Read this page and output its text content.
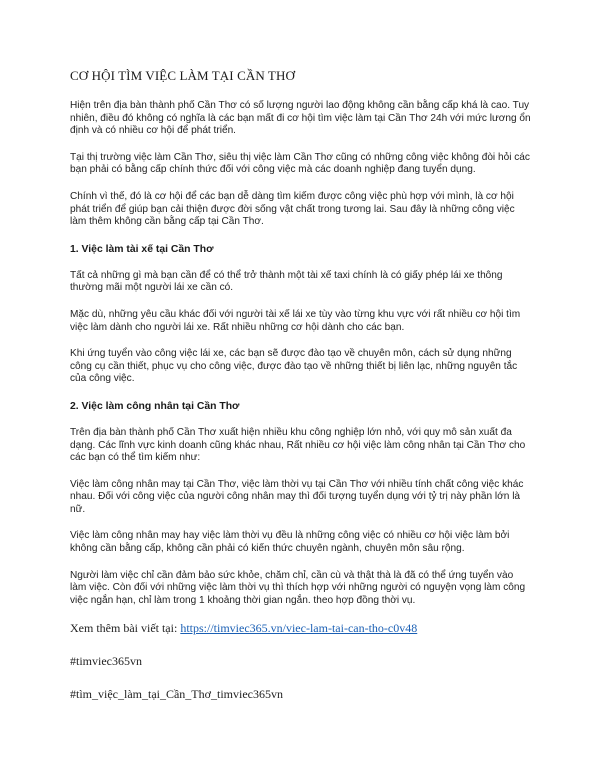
CƠ HỘI TÌM VIỆC LÀM TẠI CẦN THƠ

Hiện trên địa bàn thành phố Cần Thơ có số lượng người lao động không cần bằng cấp khá là cao. Tuy nhiên, điều đó không có nghĩa là các bạn mất đi cơ hội tìm việc làm tại Cần Thơ 24h với mức lương ổn định và có nhiều cơ hội để phát triển.

Tại thị trường việc làm Cần Thơ, siêu thị việc làm Cần Thơ cũng có những công việc không đòi hỏi các bạn phải có bằng cấp chính thức đối với công việc mà các doanh nghiệp đang tuyển dụng.

Chính vì thế, đó là cơ hội để các bạn dễ dàng tìm kiếm được công việc phù hợp với mình, là cơ hội phát triển để giúp bạn cải thiện được đời sống vật chất trong tương lai. Sau đây là những công việc làm thêm không cần bằng cấp tại Cần Thơ.

1. Việc làm tài xế tại Cần Thơ

Tất cả những gì mà bạn cần để có thể trở thành một tài xế taxi chính là có giấy phép lái xe thông thường mãi một người lái xe cần có.

Mặc dù, những yêu cầu khác đối với người tài xế lái xe tùy vào từng khu vực với rất nhiều cơ hội tìm việc làm dành cho người lái xe. Rất nhiều những cơ hội dành cho các bạn.

Khi ứng tuyển vào công việc lái xe, các bạn sẽ được đào tạo về chuyên môn, cách sử dụng những công cụ cần thiết, phục vụ cho công việc, được đào tạo về những thiết bị liên lạc, những nguyên tắc của công việc.

2. Việc làm công nhân tại Cần Thơ

Trên địa bàn thành phố Cần Thơ xuất hiện nhiều khu công nghiệp lớn nhỏ, với quy mô sản xuất đa dạng. Các lĩnh vực kinh doanh cũng khác nhau, Rất nhiều cơ hội việc làm công nhân tại Cần Thơ cho các bạn có thể tìm kiếm như:

Việc làm công nhân may tại Cần Thơ, việc làm thời vụ tại Cần Thơ với nhiều tính chất công việc khác nhau. Đối với công việc của người công nhân may thì đối tượng tuyển dụng với tỷ trị này phần lớn là nữ.

Việc làm công nhân may hay việc làm thời vụ đều là những công việc có nhiều cơ hội việc làm bởi không cần bằng cấp, không cần phải có kiến thức chuyên ngành, chuyên môn sâu rộng.

Người làm việc chỉ cần đảm bảo sức khỏe, chăm chỉ, cần cù và thật thà là đã có thể ứng tuyển vào làm việc. Còn đối với những việc làm thời vụ thì thích hợp với những người có nguyện vọng làm công việc ngắn hạn, chỉ làm trong 1 khoảng thời gian ngắn. theo hợp đồng thời vụ.

Xem thêm bài viết tại: https://timviec365.vn/viec-lam-tai-can-tho-c0v48

#timviec365vn

#tìm_việc_làm_tại_Cần_Thơ_timviec365vn
